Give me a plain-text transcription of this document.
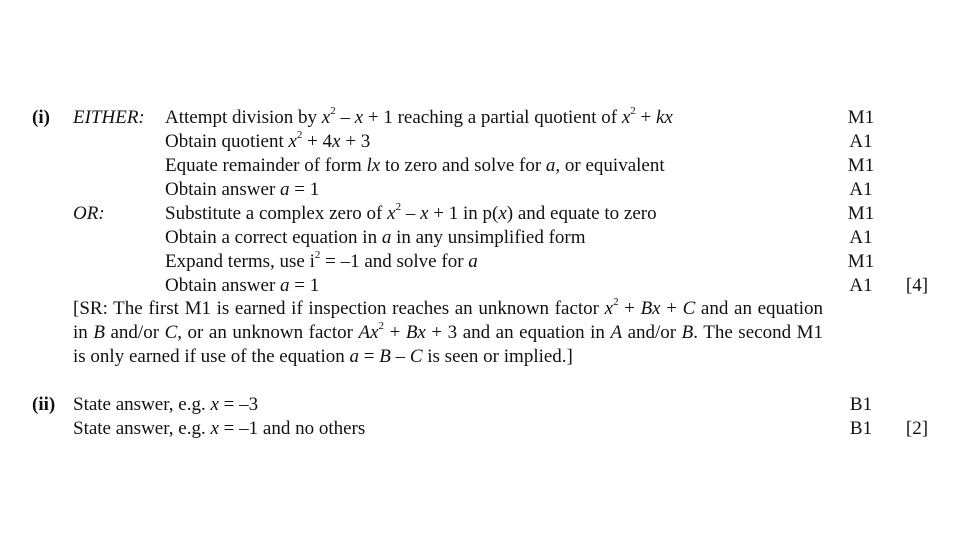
(i) EITHER: Attempt division by $x^2 - x + 1$ reaching a partial quotient of $x^2$ + kx	M1
Obtain quotient $x^2 + 4x + 3$	A1
Equate remainder of form lx to zero and solve for a, or equivalent	M1
Obtain answer a = 1	A1
OR:	Substitute a complex zero of $x^2 - x + 1$ in p(x) and equate to zero	M1
Obtain a correct equation in a in any unsimplified form	A1
Expand terms, use $i^2 = -1$ and solve for a	M1
Obtain answer a = 1	A1	[4]
[SR: The first M1 is earned if inspection reaches an unknown factor $x^2 + Bx + C$ and an equation in B and/or C, or an unknown factor $Ax^2 + Bx + 3$ and an equation in A and/or B. The second M1 is only earned if use of the equation a = B – C is seen or implied.]
(ii) State answer, e.g. x = –3	B1
State answer, e.g. x = –1 and no others	B1	[2]
